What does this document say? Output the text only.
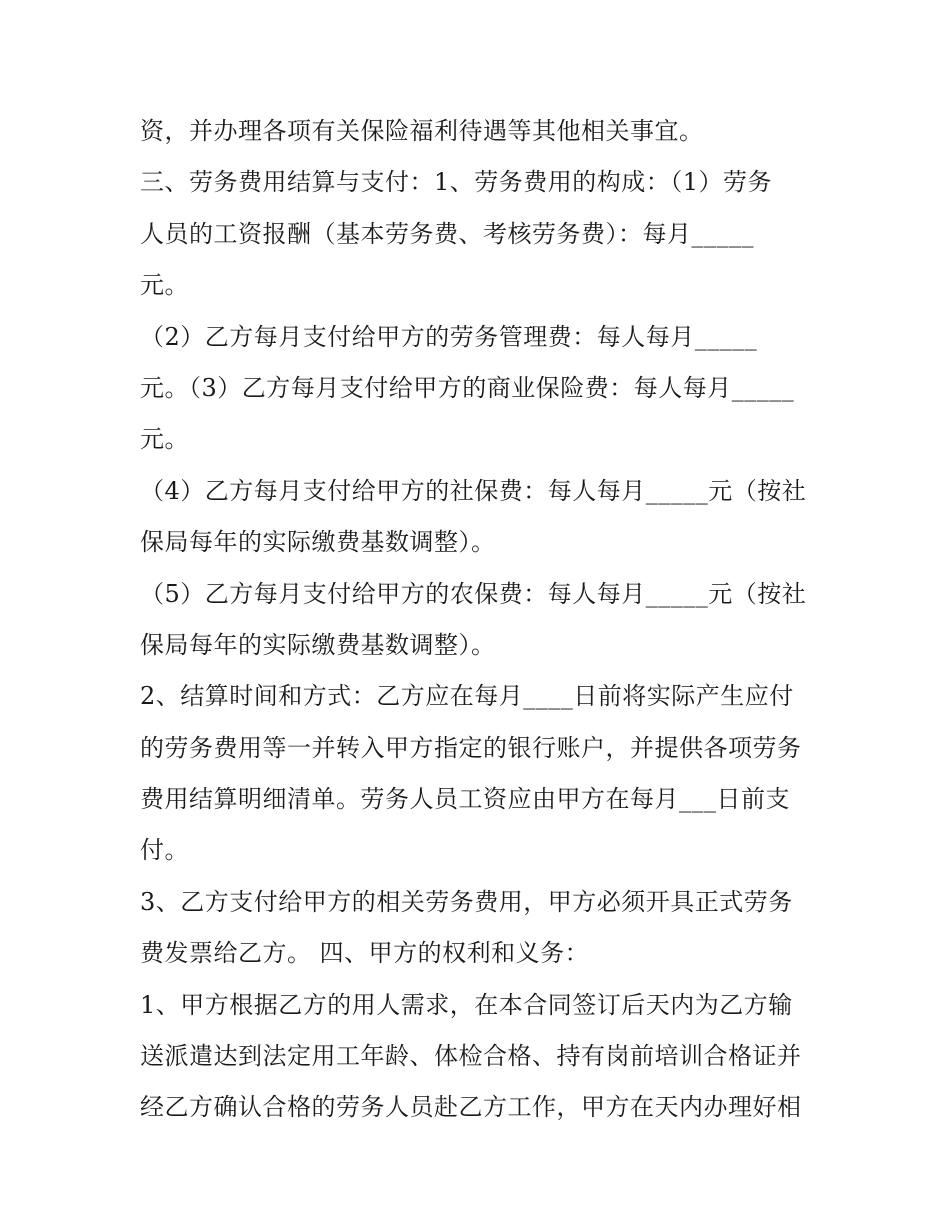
资，并办理各项有关保险福利待遇等其他相关事宜。
三、劳务费用结算与支付：1、劳务费用的构成：（1）劳务
人员的工资报酬（基本劳务费、考核劳务费）：每月_____
元。
（2）乙方每月支付给甲方的劳务管理费：每人每月_____
元。（3）乙方每月支付给甲方的商业保险费：每人每月_____
元。
（4）乙方每月支付给甲方的社保费：每人每月_____元（按社
保局每年的实际缴费基数调整）。
（5）乙方每月支付给甲方的农保费：每人每月_____元（按社
保局每年的实际缴费基数调整）。
2、结算时间和方式：乙方应在每月____日前将实际产生应付
的劳务费用等一并转入甲方指定的银行账户，并提供各项劳务
费用结算明细清单。劳务人员工资应由甲方在每月___日前支
付。
3、乙方支付给甲方的相关劳务费用，甲方必须开具正式劳务
费发票给乙方。 四、甲方的权利和义务：
1、甲方根据乙方的用人需求，在本合同签订后天内为乙方输
送派遣达到法定用工年龄、体检合格、持有岗前培训合格证并
经乙方确认合格的劳务人员赴乙方工作，甲方在天内办理好相
